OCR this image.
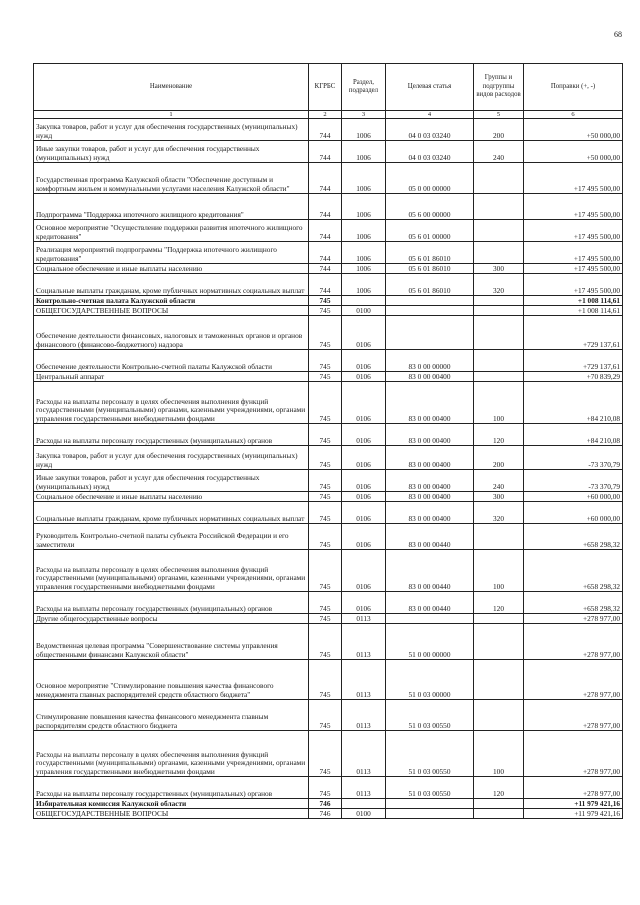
68
Наименование	КГРБС	Раздел, подраздел	Целевая статья	Группы и подгруппы видов расходов	Поправки (+, -)
1	2	3	4	5	6
Закупка товаров, работ и услуг для обеспечения государственных (муниципальных) нужд	744	1006	04 0 03 03240	200	+50 000,00
Иные закупки товаров, работ и услуг для обеспечения государственных (муниципальных) нужд	744	1006	04 0 03 03240	240	+50 000,00
Государственная программа Калужской области "Обеспечение доступным и комфортным жильем и коммунальными услугами населения Калужской области"	744	1006	05 0 00 00000		+17 495 500,00
Подпрограмма "Поддержка ипотечного жилищного кредитования"	744	1006	05 6 00 00000		+17 495 500,00
Основное мероприятие "Осуществление поддержки развития ипотечного жилищного кредитования"	744	1006	05 6 01 00000		+17 495 500,00
Реализация мероприятий подпрограммы "Поддержка ипотечного жилищного кредитования"	744	1006	05 6 01 86010		+17 495 500,00
Социальное обеспечение и иные выплаты населению	744	1006	05 6 01 86010	300	+17 495 500,00
Социальные выплаты гражданам, кроме публичных нормативных социальных выплат	744	1006	05 6 01 86010	320	+17 495 500,00
Контрольно-счетная палата Калужской области	745				+1 008 114,61
ОБЩЕГОСУДАРСТВЕННЫЕ ВОПРОСЫ	745	0100			+1 008 114,61
Обеспечение деятельности финансовых, налоговых и таможенных органов и органов финансового (финансово-бюджетного) надзора	745	0106			+729 137,61
Обеспечение деятельности Контрольно-счетной палаты Калужской области	745	0106	83 0 00 00000		+729 137,61
Центральный аппарат	745	0106	83 0 00 00400		+70 839,29
Расходы на выплаты персоналу в целях обеспечения выполнения функций государственными (муниципальными) органами, казенными учреждениями, органами управления государственными внебюджетными фондами	745	0106	83 0 00 00400	100	+84 210,08
Расходы на выплаты персоналу государственных (муниципальных) органов	745	0106	83 0 00 00400	120	+84 210,08
Закупка товаров, работ и услуг для обеспечения государственных (муниципальных) нужд	745	0106	83 0 00 00400	200	-73 370,79
Иные закупки товаров, работ и услуг для обеспечения государственных (муниципальных) нужд	745	0106	83 0 00 00400	240	-73 370,79
Социальное обеспечение и иные выплаты населению	745	0106	83 0 00 00400	300	+60 000,00
Социальные выплаты гражданам, кроме публичных нормативных социальных выплат	745	0106	83 0 00 00400	320	+60 000,00
Руководитель Контрольно-счетной палаты субъекта Российской Федерации и его заместители	745	0106	83 0 00 00440		+658 298,32
Расходы на выплаты персоналу в целях обеспечения выполнения функций государственными (муниципальными) органами, казенными учреждениями, органами управления государственными внебюджетными фондами	745	0106	83 0 00 00440	100	+658 298,32
Расходы на выплаты персоналу государственных (муниципальных) органов	745	0106	83 0 00 00440	120	+658 298,32
Другие общегосударственные вопросы	745	0113			+278 977,00
Ведомственная целевая программа "Совершенствование системы управления общественными финансами Калужской области"	745	0113	51 0 00 00000		+278 977,00
Основное мероприятие "Стимулирование повышения качества финансового менеджмента главных распорядителей средств областного бюджета"	745	0113	51 0 03 00000		+278 977,00
Стимулирование повышения качества финансового менеджмента главным распорядителям средств областного бюджета	745	0113	51 0 03 00550		+278 977,00
Расходы на выплаты персоналу в целях обеспечения выполнения функций государственными (муниципальными) органами, казенными учреждениями, органами управления государственными внебюджетными фондами	745	0113	51 0 03 00550	100	+278 977,00
Расходы на выплаты персоналу государственных (муниципальных) органов	745	0113	51 0 03 00550	120	+278 977,00
Избирательная комиссия Калужской области	746				+11 979 421,16
ОБЩЕГОСУДАРСТВЕННЫЕ ВОПРОСЫ	746	0100			+11 979 421,16
